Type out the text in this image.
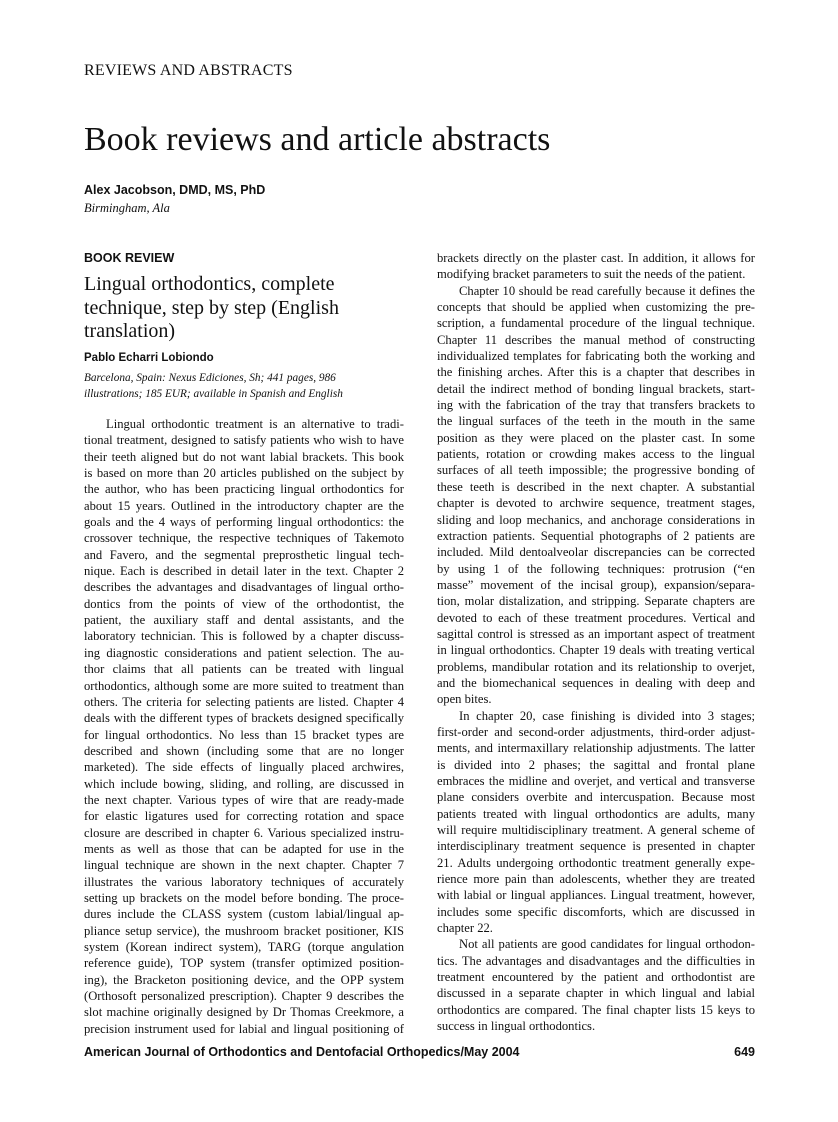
REVIEWS AND ABSTRACTS
Book reviews and article abstracts
Alex Jacobson, DMD, MS, PhD
Birmingham, Ala
BOOK REVIEW
Lingual orthodontics, complete
technique, step by step (English
translation)
Pablo Echarri Lobiondo
Barcelona, Spain: Nexus Ediciones, Sh; 441 pages, 986
illustrations; 185 EUR; available in Spanish and English
Lingual orthodontic treatment is an alternative to tradi-
tional treatment, designed to satisfy patients who wish to have
their teeth aligned but do not want labial brackets. This book
is based on more than 20 articles published on the subject by
the author, who has been practicing lingual orthodontics for
about 15 years. Outlined in the introductory chapter are the
goals and the 4 ways of performing lingual orthodontics: the
crossover technique, the respective techniques of Takemoto
and Favero, and the segmental preprosthetic lingual tech-
nique. Each is described in detail later in the text. Chapter 2
describes the advantages and disadvantages of lingual ortho-
dontics from the points of view of the orthodontist, the
patient, the auxiliary staff and dental assistants, and the
laboratory technician. This is followed by a chapter discuss-
ing diagnostic considerations and patient selection. The au-
thor claims that all patients can be treated with lingual
orthodontics, although some are more suited to treatment than
others. The criteria for selecting patients are listed. Chapter 4
deals with the different types of brackets designed specifically
for lingual orthodontics. No less than 15 bracket types are
described and shown (including some that are no longer
marketed). The side effects of lingually placed archwires,
which include bowing, sliding, and rolling, are discussed in
the next chapter. Various types of wire that are ready-made
for elastic ligatures used for correcting rotation and space
closure are described in chapter 6. Various specialized instru-
ments as well as those that can be adapted for use in the
lingual technique are shown in the next chapter. Chapter 7
illustrates the various laboratory techniques of accurately
setting up brackets on the model before bonding. The proce-
dures include the CLASS system (custom labial/lingual ap-
pliance setup service), the mushroom bracket positioner, KIS
system (Korean indirect system), TARG (torque angulation
reference guide), TOP system (transfer optimized position-
ing), the Bracketon positioning device, and the OPP system
(Orthosoft personalized prescription). Chapter 9 describes the
slot machine originally designed by Dr Thomas Creekmore, a
precision instrument used for labial and lingual positioning of
brackets directly on the plaster cast. In addition, it allows for
modifying bracket parameters to suit the needs of the patient.
Chapter 10 should be read carefully because it defines the
concepts that should be applied when customizing the pre-
scription, a fundamental procedure of the lingual technique.
Chapter 11 describes the manual method of constructing
individualized templates for fabricating both the working and
the finishing arches. After this is a chapter that describes in
detail the indirect method of bonding lingual brackets, start-
ing with the fabrication of the tray that transfers brackets to
the lingual surfaces of the teeth in the mouth in the same
position as they were placed on the plaster cast. In some
patients, rotation or crowding makes access to the lingual
surfaces of all teeth impossible; the progressive bonding of
these teeth is described in the next chapter. A substantial
chapter is devoted to archwire sequence, treatment stages,
sliding and loop mechanics, and anchorage considerations in
extraction patients. Sequential photographs of 2 patients are
included. Mild dentoalveolar discrepancies can be corrected
by using 1 of the following techniques: protrusion (“en
masse” movement of the incisal group), expansion/separa-
tion, molar distalization, and stripping. Separate chapters are
devoted to each of these treatment procedures. Vertical and
sagittal control is stressed as an important aspect of treatment
in lingual orthodontics. Chapter 19 deals with treating vertical
problems, mandibular rotation and its relationship to overjet,
and the biomechanical sequences in dealing with deep and
open bites.
In chapter 20, case finishing is divided into 3 stages;
first-order and second-order adjustments, third-order adjust-
ments, and intermaxillary relationship adjustments. The latter
is divided into 2 phases; the sagittal and frontal plane
embraces the midline and overjet, and vertical and transverse
plane considers overbite and intercuspation. Because most
patients treated with lingual orthodontics are adults, many
will require multidisciplinary treatment. A general scheme of
interdisciplinary treatment sequence is presented in chapter
21. Adults undergoing orthodontic treatment generally expe-
rience more pain than adolescents, whether they are treated
with labial or lingual appliances. Lingual treatment, however,
includes some specific discomforts, which are discussed in
chapter 22.
Not all patients are good candidates for lingual orthodon-
tics. The advantages and disadvantages and the difficulties in
treatment encountered by the patient and orthodontist are
discussed in a separate chapter in which lingual and labial
orthodontics are compared. The final chapter lists 15 keys to
success in lingual orthodontics.
American Journal of Orthodontics and Dentofacial Orthopedics/May 2004	649
